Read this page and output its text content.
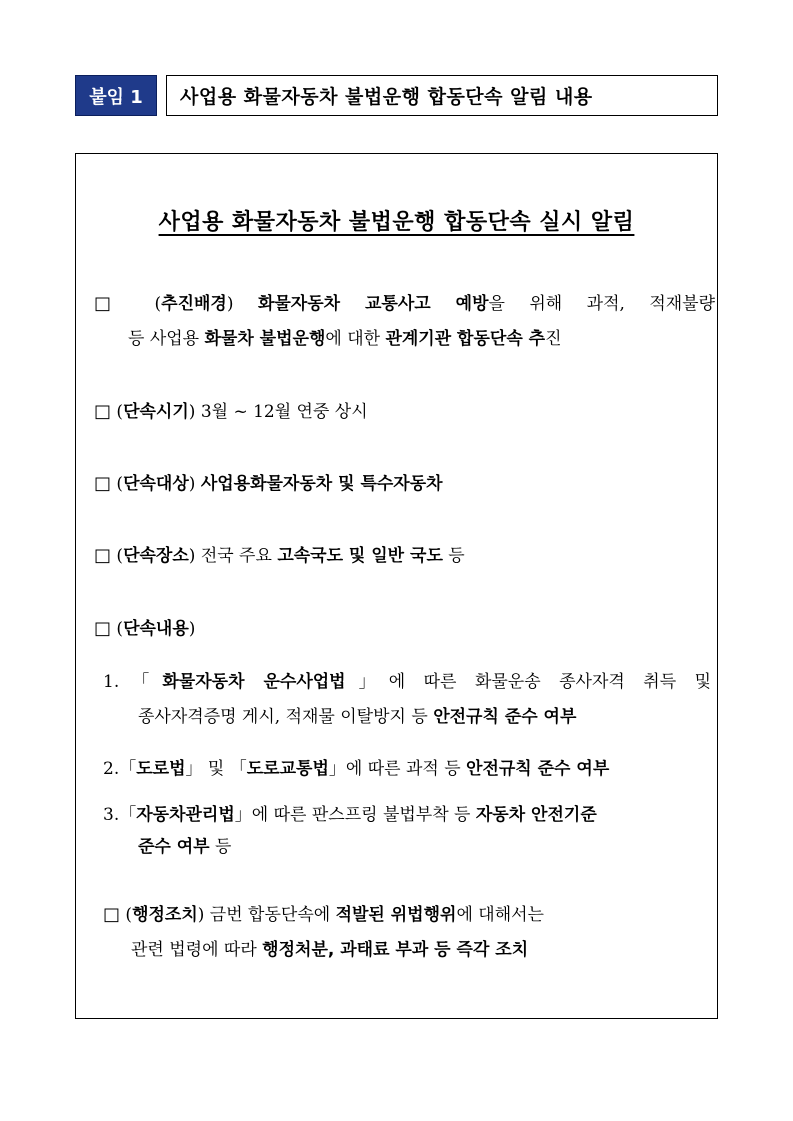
붙임 1	사업용 화물자동차 불법운행 합동단속 알림 내용
사업용 화물자동차 불법운행 합동단속 실시 알림
□ (추진배경) 화물자동차 교통사고 예방을 위해 과적, 적재불량
등 사업용 화물차 불법운행에 대한 관계기관 합동단속 추진
□ (단속시기) 3월 ~ 12월 연중 상시
□ (단속대상) 사업용화물자동차 및 특수자동차
□ (단속장소) 전국 주요 고속국도 및 일반 국도 등
□ (단속내용)
1.「화물자동차 운수사업법」에 따른 화물운송 종사자격 취득 및
종사자격증명 게시, 적재물 이탈방지 등 안전규칙 준수 여부
2.「도로법」 및 「도로교통법」에 따른 과적 등 안전규칙 준수 여부
3.「자동차관리법」에 따른 판스프링 불법부착 등 자동차 안전기준
준수 여부 등
□ (행정조치) 금번 합동단속에 적발된 위법행위에 대해서는
관련 법령에 따라 행정처분, 과태료 부과 등 즉각 조치
